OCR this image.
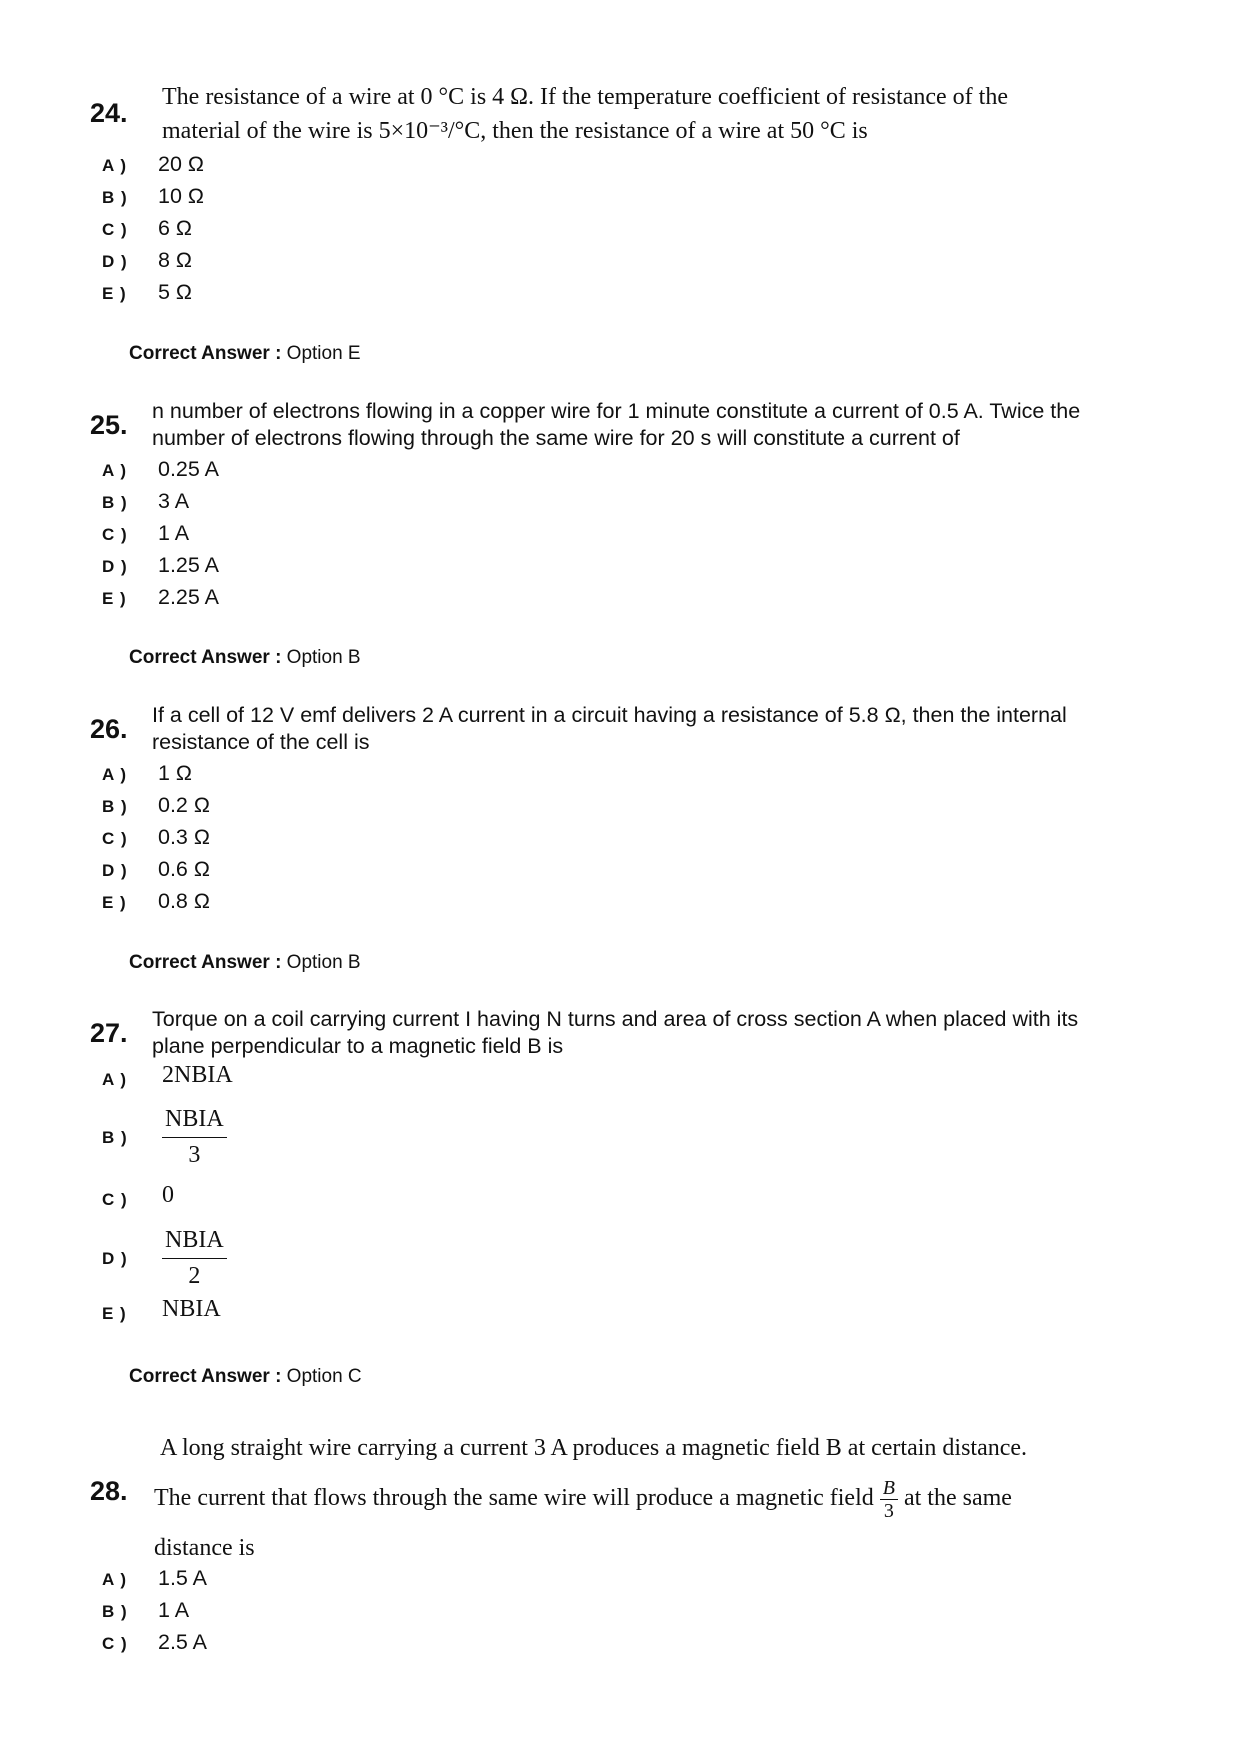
24.
The resistance of a wire at 0 °C is 4 Ω. If the temperature coefficient of resistance of the
material of the wire is 5×10⁻³/°C, then the resistance of a wire at 50 °C is
A ) 20 Ω
B ) 10 Ω
C ) 6 Ω
D ) 8 Ω
E ) 5 Ω
Correct Answer : Option E
25. n number of electrons flowing in a copper wire for 1 minute constitute a current of 0.5 A. Twice the
number of electrons flowing through the same wire for 20 s will constitute a current of
A ) 0.25 A
B ) 3 A
C ) 1 A
D ) 1.25 A
E ) 2.25 A
Correct Answer : Option B
26. If a cell of 12 V emf delivers 2 A current in a circuit having a resistance of 5.8 Ω, then the internal
resistance of the cell is
A ) 1 Ω
B ) 0.2 Ω
C ) 0.3 Ω
D ) 0.6 Ω
E ) 0.8 Ω
Correct Answer : Option B
27. Torque on a coil carrying current I having N turns and area of cross section A when placed with its
plane perpendicular to a magnetic field B is
A ) 2NBIA
B )
NBIA
3
C ) 0
D )
NBIA
2
E ) NBIA
Correct Answer : Option C
28.
A long straight wire carrying a current 3 A produces a magnetic field B at certain distance.
The current that flows through the same wire will produce a magnetic field $\frac{B}{3}$ at the same
distance is
A ) 1.5 A
B ) 1 A
C ) 2.5 A
